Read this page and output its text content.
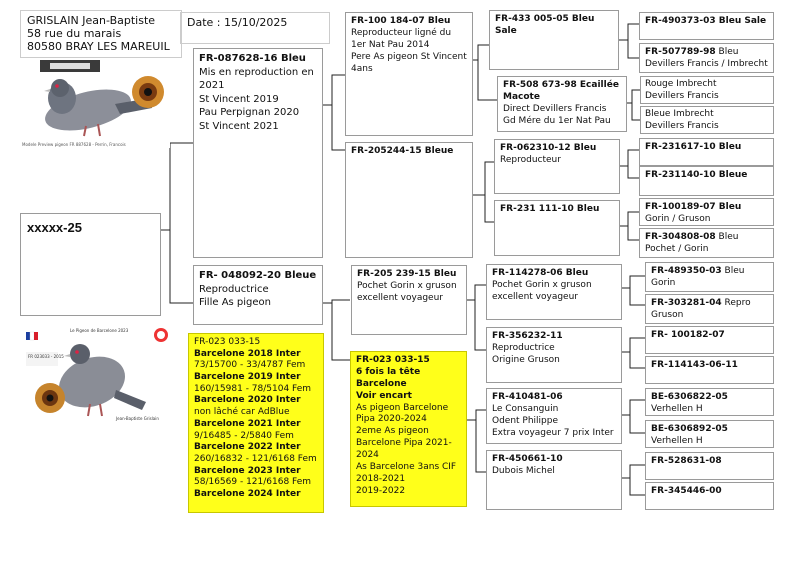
GRISLAIN Jean-Baptiste
58 rue du marais
80580 BRAY LES MAREUIL
Date : 15/10/2025
Modele Preview pigeon FR 887628 - Perrin, Francois
xxxxx-25
Le Pigeon de Barcelone 2023
FR 023033 - 2015
Jean-Baptiste Grislain
FR-087628-16 Bleu
Mis en reproduction en 2021
St Vincent 2019
Pau Perpignan 2020
St Vincent 2021
FR- 048092-20 Bleue
Reproductrice
Fille As pigeon
FR-023 033-15
Barcelone 2018 Inter
73/15700 - 33/4787 Fem
Barcelone 2019 Inter
160/15981 - 78/5104 Fem
Barcelone 2020 Inter
non lâché car AdBlue
Barcelone 2021 Inter
9/16485 - 2/5840 Fem
Barcelone 2022 Inter
260/16832 - 121/6168 Fem
Barcelone 2023 Inter
58/16569 - 121/6168 Fem
Barcelone 2024 Inter
FR-100 184-07 Bleu
Reproducteur ligné du 1er Nat Pau 2014
Pere As pigeon St Vincent 4ans
FR-205244-15 Bleue
FR-205 239-15 Bleu
Pochet Gorin x gruson
excellent voyageur
FR-023 033-15
6 fois la tête Barcelone
Voir encart
As pigeon Barcelone Pipa 2020-2024
2eme As pigeon Barcelone Pipa 2021-2024
As Barcelone 3ans CIF 2018-2021
2019-2022
FR-433 005-05 Bleu Sale
FR-508 673-98 Ecaillée Macote
Direct Devillers Francis
Gd Mére du 1er Nat Pau
FR-062310-12 Bleu
Reproducteur
FR-231 111-10 Bleu
FR-114278-06 Bleu
Pochet Gorin x gruson
excellent voyageur
FR-356232-11
Reproductrice
Origine Gruson
FR-410481-06
Le Consanguin
Odent Philippe
Extra voyageur 7 prix Inter
FR-450661-10
Dubois Michel
FR-490373-03 Bleu Sale
FR-507789-98 Bleu
Devillers Francis / Imbrecht
Rouge Imbrecht
Devillers Francis
Bleue Imbrecht
Devillers Francis
FR-231617-10 Bleu
FR-231140-10 Bleue
FR-100189-07 Bleu
Gorin / Gruson
FR-304808-08 Bleu
Pochet / Gorin
FR-489350-03 Bleu Gorin
FR-303281-04 Repro Gruson
FR- 100182-07
FR-114143-06-11
BE-6306822-05 Verhellen H
BE-6306892-05 Verhellen H
FR-528631-08
FR-345446-00
